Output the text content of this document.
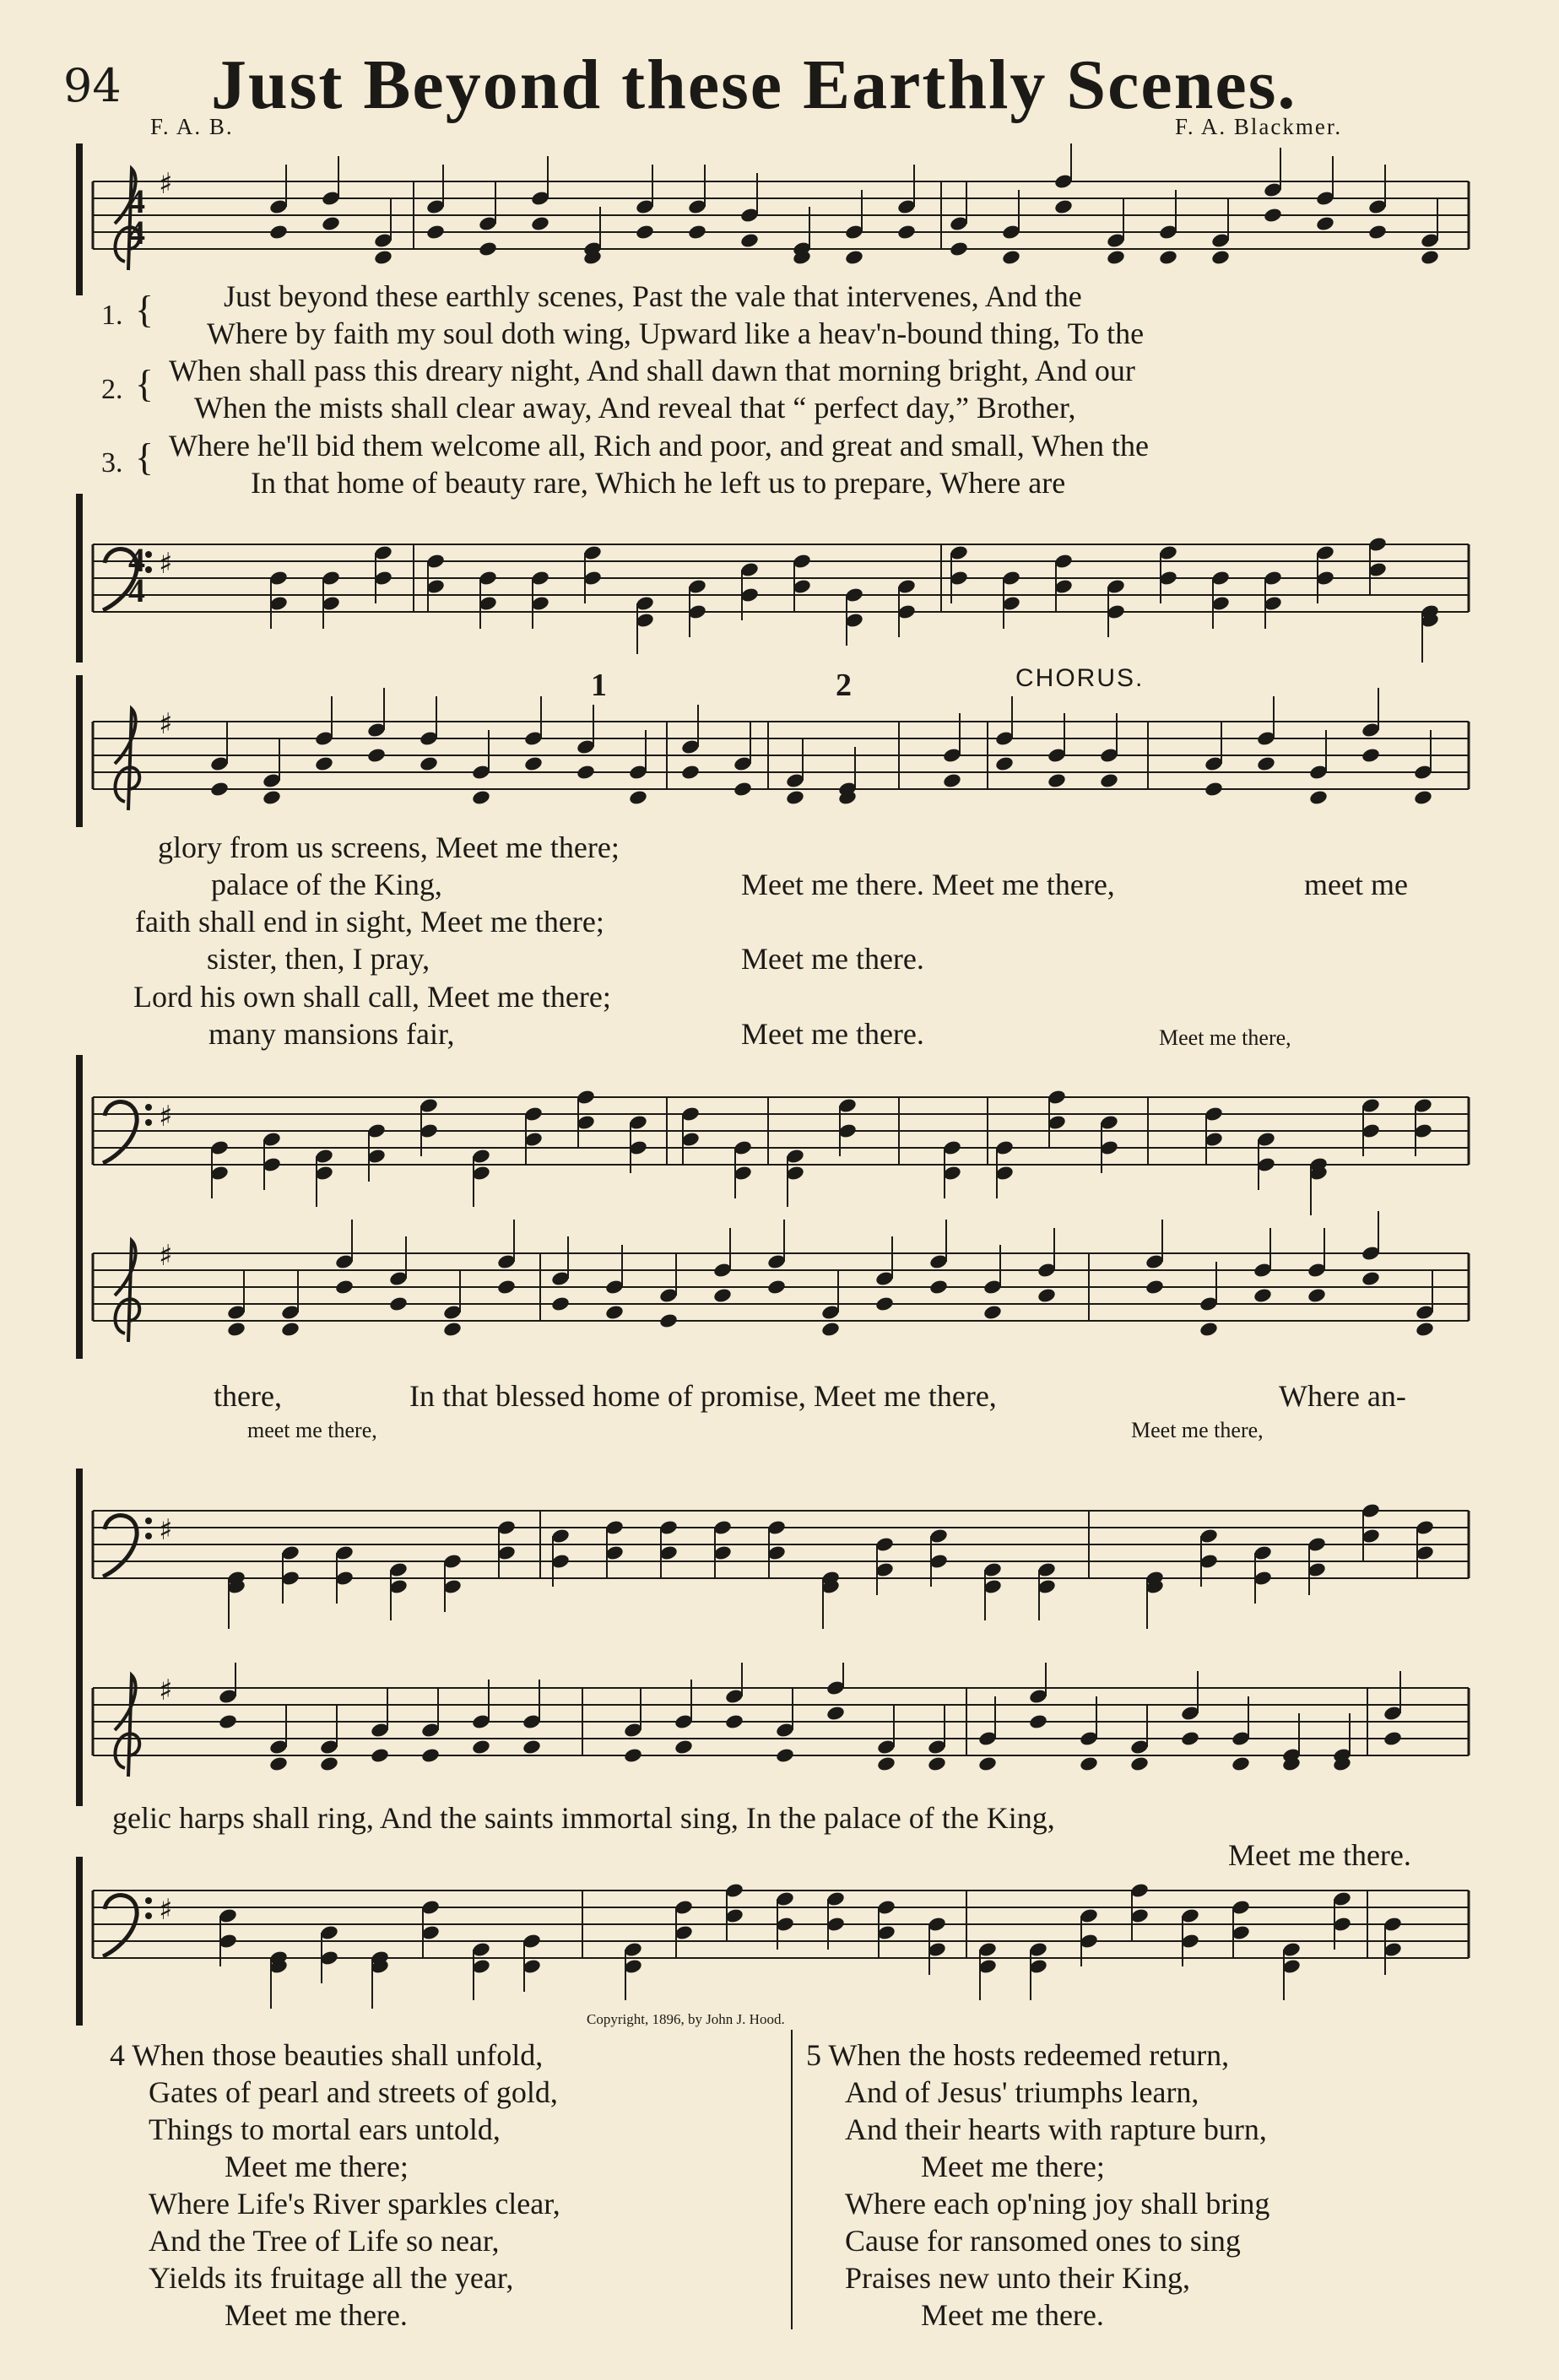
94 Just Beyond these Earthly Scenes.
F. A. B.	F. A. Blackmer.
♯
♯
♯
♯
♯
♯
♯
♯
4
4
4
4
1. { Just beyond these earthly scenes, Past the vale that intervenes, And the
Where by faith my soul doth wing, Upward like a heav'n-bound thing, To the
2. { When shall pass this dreary night, And shall dawn that morning bright, And our
When the mists shall clear away, And reveal that “ perfect day,” Brother,
3. { Where he'll bid them welcome all, Rich and poor, and great and small, When the
In that home of beauty rare, Which he left us to prepare, Where are
1	2	CHORUS.
glory from us screens, Meet me there;
palace of the King,	Meet me there. Meet me there,	meet me
faith shall end in sight, Meet me there;
sister, then, I pray,	Meet me there.
Lord his own shall call, Meet me there;
many mansions fair,	Meet me there.	Meet me there,
there,	In that blessed home of promise, Meet me there,	Where an-
meet me there,	Meet me there,
gelic harps shall ring, And the saints immortal sing, In the palace of the King,
Meet me there.
Copyright, 1896, by John J. Hood.
4 When those beauties shall unfold,
Gates of pearl and streets of gold,
Things to mortal ears untold,
Meet me there;
Where Life's River sparkles clear,
And the Tree of Life so near,
Yields its fruitage all the year,
Meet me there.
5 When the hosts redeemed return,
And of Jesus' triumphs learn,
And their hearts with rapture burn,
Meet me there;
Where each op'ning joy shall bring
Cause for ransomed ones to sing
Praises new unto their King,
Meet me there.
